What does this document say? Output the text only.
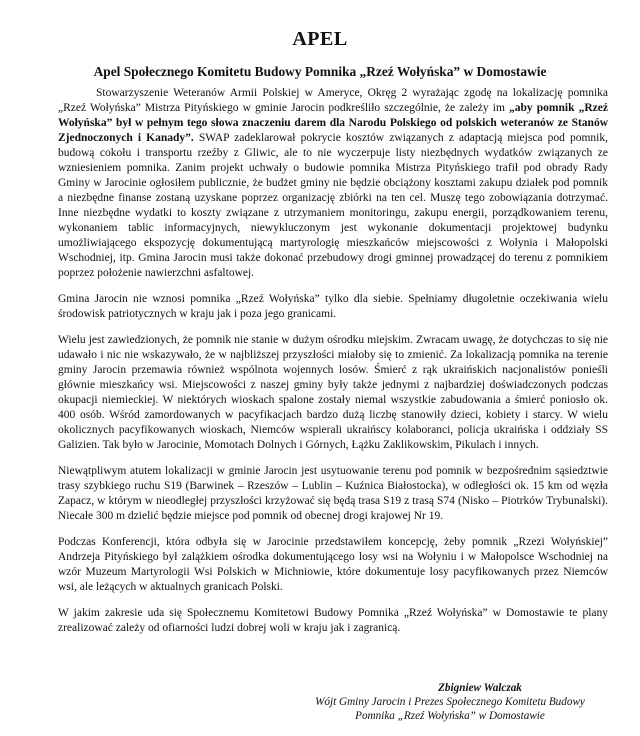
APEL
Apel Społecznego Komitetu Budowy Pomnika „Rzeź Wołyńska” w Domostawie

Stowarzyszenie Weteranów Armii Polskiej w Ameryce, Okręg 2 wyrażając zgodę na lokalizację pomnika „Rzeź Wołyńska” Mistrza Pityńskiego w gminie Jarocin podkreśliło szczególnie, że zależy im „aby pomnik „Rzeź Wołyńska” był w pełnym tego słowa znaczeniu darem dla Narodu Polskiego od polskich weteranów ze Stanów Zjednoczonych i Kanady”. SWAP zadeklarował pokrycie kosztów związanych z adaptacją miejsca pod pomnik, budową cokołu i transportu rzeźby z Gliwic, ale to nie wyczerpuje listy niezbędnych wydatków związanych ze wzniesieniem pomnika. Zanim projekt uchwały o budowie pomnika Mistrza Pityńskiego trafił pod obrady Rady Gminy w Jarocinie ogłosiłem publicznie, że budżet gminy nie będzie obciążony kosztami zakupu działek pod pomnik a niezbędne finanse zostaną uzyskane poprzez organizację zbiórki na ten cel. Muszę tego zobowiązania dotrzymać. Inne niezbędne wydatki to koszty związane z utrzymaniem monitoringu, zakupu energii, porządkowaniem terenu, wykonaniem tablic informacyjnych, niewykluczonym jest wykonanie dokumentacji projektowej budynku umożliwiającego ekspozycję dokumentującą martyrologię mieszkańców miejscowości z Wołynia i Małopolski Wschodniej, itp. Gmina Jarocin musi także dokonać przebudowy drogi gminnej prowadzącej do terenu z pomnikiem poprzez położenie nawierzchni asfaltowej.

Gmina Jarocin nie wznosi pomnika „Rzeź Wołyńska” tylko dla siebie. Spełniamy długoletnie oczekiwania wielu środowisk patriotycznych w kraju jak i poza jego granicami.

Wielu jest zawiedzionych, że pomnik nie stanie w dużym ośrodku miejskim. Zwracam uwagę, że dotychczas to się nie udawało i nic nie wskazywało, że w najbliższej przyszłości miałoby się to zmienić. Za lokalizacją pomnika na terenie gminy Jarocin przemawia również wspólnota wojennych losów. Śmierć z rąk ukraińskich nacjonalistów ponieśli głównie mieszkańcy wsi. Miejscowości z naszej gminy były także jednymi z najbardziej doświadczonych podczas okupacji niemieckiej. W niektórych wioskach spalone zostały niemal wszystkie zabudowania a śmierć poniosło ok. 400 osób. Wśród zamordowanych w pacyfikacjach bardzo dużą liczbę stanowiły dzieci, kobiety i starcy. W wielu okolicznych pacyfikowanych wioskach, Niemców wspierali ukraińscy kolaboranci, policja ukraińska i oddziały SS Galizien. Tak było w Jarocinie, Momotach Dolnych i Górnych, Łążku Zaklikowskim, Pikulach i innych.

Niewątpliwym atutem lokalizacji w gminie Jarocin jest usytuowanie terenu pod pomnik w bezpośrednim sąsiedztwie trasy szybkiego ruchu S19 (Barwinek – Rzeszów – Lublin – Kuźnica Białostocka), w odległości ok. 15 km od węzła Zapacz, w którym w nieodległej przyszłości krzyżować się będą trasa S19 z trasą S74 (Nisko – Piotrków Trybunalski). Niecałe 300 m dzielić będzie miejsce pod pomnik od obecnej drogi krajowej Nr 19.

Podczas Konferencji, która odbyła się w Jarocinie przedstawiłem koncepcję, żeby pomnik „Rzezi Wołyńskiej” Andrzeja Pityńskiego był zalążkiem ośrodka dokumentującego losy wsi na Wołyniu i w Małopolsce Wschodniej na wzór Muzeum Martyrologii Wsi Polskich w Michniowie, które dokumentuje losy pacyfikowanych przez Niemców wsi, ale leżących w aktualnych granicach Polski.

W jakim zakresie uda się Społecznemu Komitetowi Budowy Pomnika „Rzeź Wołyńska” w Domostawie te plany zrealizować zależy od ofiarności ludzi dobrej woli w kraju jak i zagranicą.

Zbigniew Walczak
Wójt Gminy Jarocin i Prezes Społecznego Komitetu Budowy
Pomnika „Rzeź Wołyńska” w Domostawie
